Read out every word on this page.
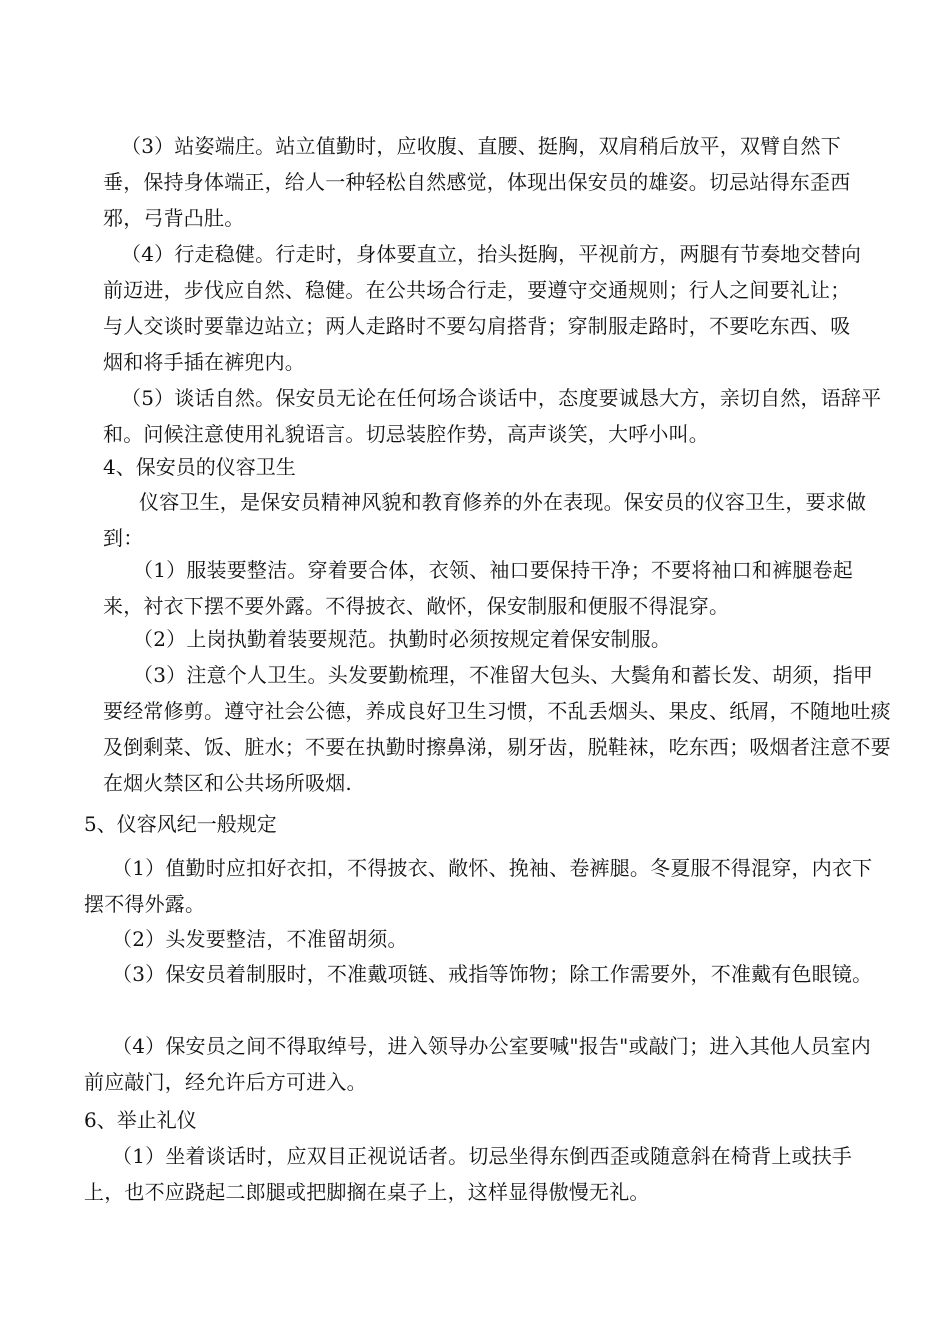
（3）站姿端庄。站立值勤时，应收腹、直腰、挺胸，双肩稍后放平，双臂自然下垂，保持身体端正，给人一种轻松自然感觉，体现出保安员的雄姿。切忌站得东歪西邪，弓背凸肚。

（4）行走稳健。行走时，身体要直立，抬头挺胸，平视前方，两腿有节奏地交替向前迈进，步伐应自然、稳健。在公共场合行走，要遵守交通规则；行人之间要礼让；与人交谈时要靠边站立；两人走路时不要勾肩搭背；穿制服走路时，不要吃东西、吸烟和将手插在裤兜内。

（5）谈话自然。保安员无论在任何场合谈话中，态度要诚恳大方，亲切自然，语辞平和。问候注意使用礼貌语言。切忌装腔作势，高声谈笑，大呼小叫。

4、保安员的仪容卫生

仪容卫生，是保安员精神风貌和教育修养的外在表现。保安员的仪容卫生，要求做到：

（1）服装要整洁。穿着要合体，衣领、袖口要保持干净；不要将袖口和裤腿卷起来，衬衣下摆不要外露。不得披衣、敞怀，保安制服和便服不得混穿。

（2）上岗执勤着装要规范。执勤时必须按规定着保安制服。

（3）注意个人卫生。头发要勤梳理，不准留大包头、大鬓角和蓄长发、胡须，指甲要经常修剪。遵守社会公德，养成良好卫生习惯，不乱丢烟头、果皮、纸屑，不随地吐痰及倒剩菜、饭、脏水；不要在执勤时擦鼻涕，剔牙齿，脱鞋袜，吃东西；吸烟者注意不要在烟火禁区和公共场所吸烟.

5、仪容风纪一般规定

（1）值勤时应扣好衣扣，不得披衣、敞怀、挽袖、卷裤腿。冬夏服不得混穿，内衣下摆不得外露。

（2）头发要整洁，不准留胡须。

（3）保安员着制服时，不准戴项链、戒指等饰物；除工作需要外，不准戴有色眼镜。

（4）保安员之间不得取绰号，进入领导办公室要喊"报告"或敲门；进入其他人员室内前应敲门，经允许后方可进入。

6、举止礼仪

（1）坐着谈话时，应双目正视说话者。切忌坐得东倒西歪或随意斜在椅背上或扶手上，也不应跷起二郎腿或把脚搁在桌子上，这样显得傲慢无礼。
